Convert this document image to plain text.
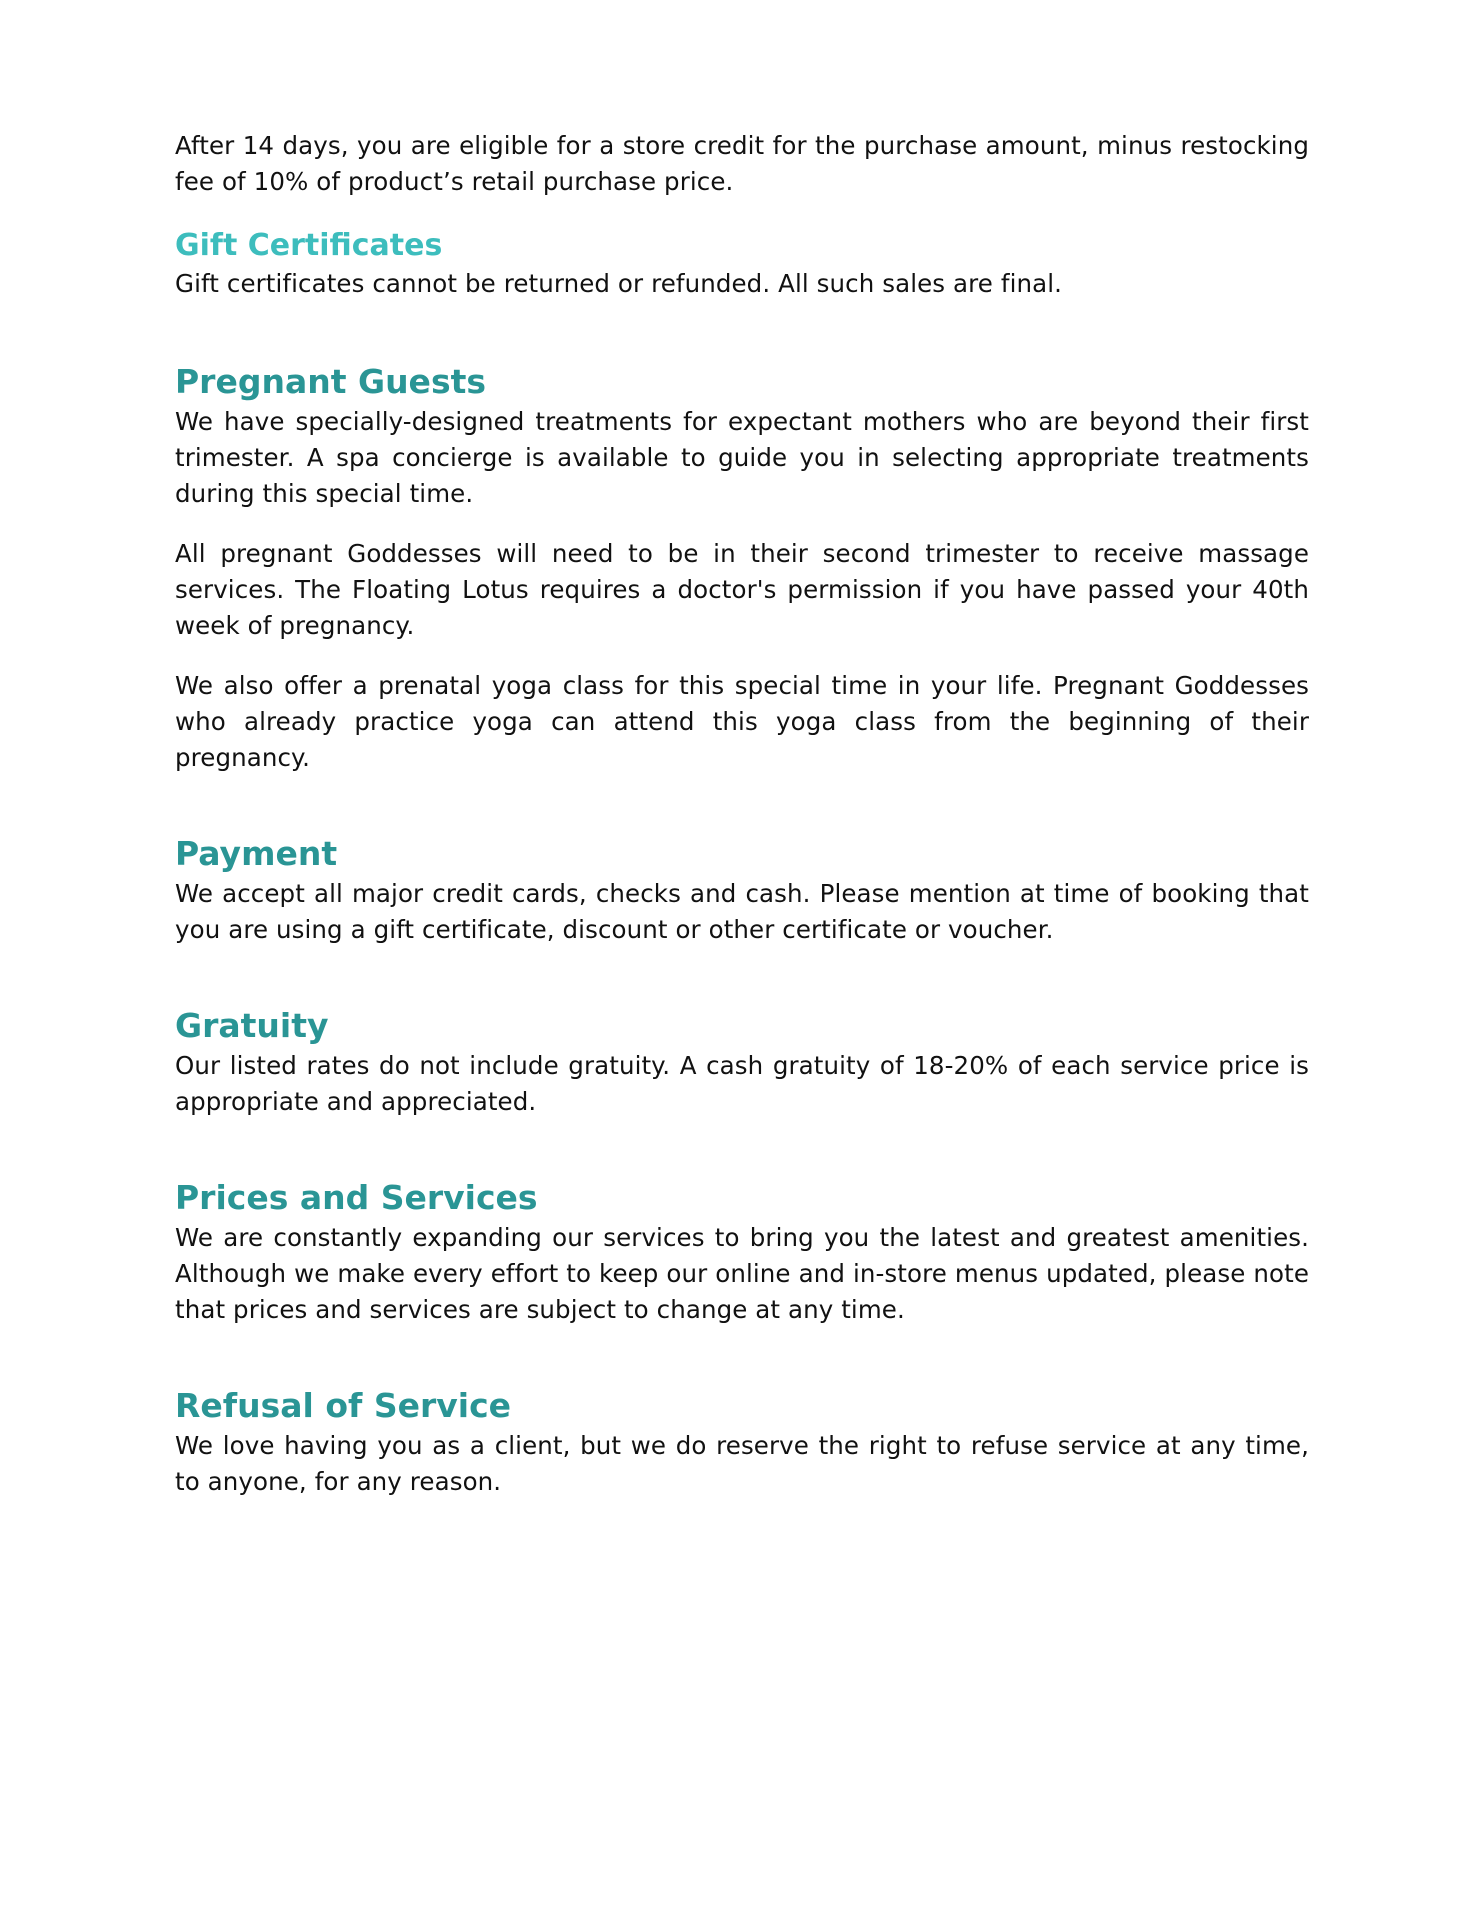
After 14 days, you are eligible for a store credit for the purchase amount, minus restocking fee of 10% of product’s retail purchase price.

Gift Certificates

Gift certificates cannot be returned or refunded. All such sales are final.

Pregnant Guests

We have specially-designed treatments for expectant mothers who are beyond their first trimester. A spa concierge is available to guide you in selecting appropriate treatments during this special time.

All pregnant Goddesses will need to be in their second trimester to receive massage services. The Floating Lotus requires a doctor's permission if you have passed your 40th week of pregnancy.

We also offer a prenatal yoga class for this special time in your life. Pregnant Goddesses who already practice yoga can attend this yoga class from the beginning of their pregnancy.

Payment

We accept all major credit cards, checks and cash. Please mention at time of booking that you are using a gift certificate, discount or other certificate or voucher.

Gratuity

Our listed rates do not include gratuity. A cash gratuity of 18-20% of each service price is appropriate and appreciated.

Prices and Services

We are constantly expanding our services to bring you the latest and greatest amenities. Although we make every effort to keep our online and in-store menus updated, please note that prices and services are subject to change at any time.

Refusal of Service

We love having you as a client, but we do reserve the right to refuse service at any time, to anyone, for any reason.
